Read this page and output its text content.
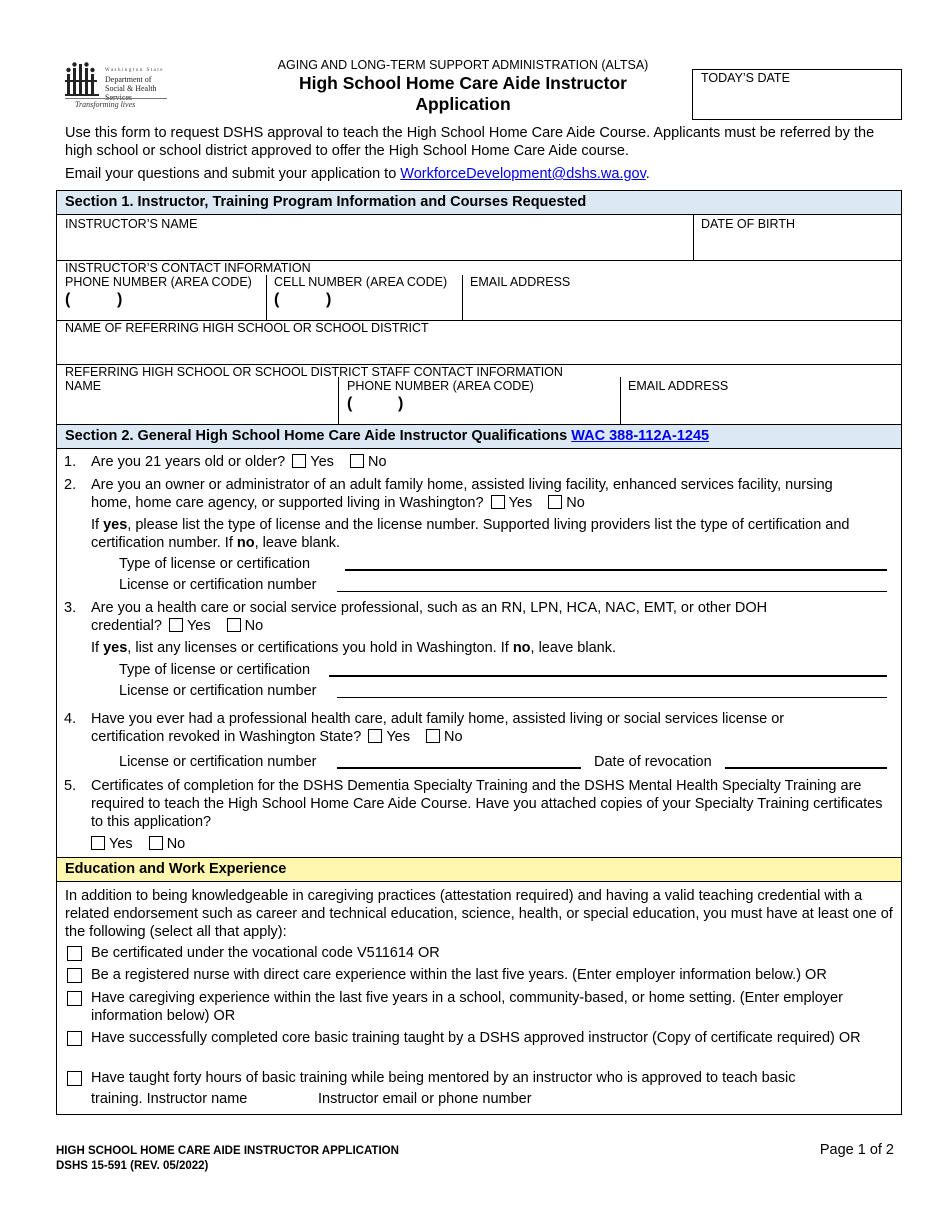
Washington State
Department of Social & Health Services
Transforming lives
AGING AND LONG-TERM SUPPORT ADMINISTRATION (ALTSA)
High School Home Care Aide Instructor
Application
TODAY’S DATE
Use this form to request DSHS approval to teach the High School Home Care Aide Course. Applicants must be referred by the high school or school district approved to offer the High School Home Care Aide course.
Email your questions and submit your application to WorkforceDevelopment@dshs.wa.gov.
Section 1. Instructor, Training Program Information and Courses Requested
INSTRUCTOR’S NAME	DATE OF BIRTH
INSTRUCTOR’S CONTACT INFORMATION
PHONE NUMBER (AREA CODE) CELL NUMBER (AREA CODE) EMAIL ADDRESS
(	)	(	)
NAME OF REFERRING HIGH SCHOOL OR SCHOOL DISTRICT
REFERRING HIGH SCHOOL OR SCHOOL DISTRICT STAFF CONTACT INFORMATION
NAME	PHONE NUMBER (AREA CODE)	EMAIL ADDRESS
(	)
Section 2. General High School Home Care Aide Instructor Qualifications WAC 388-112A-1245
1. Are you 21 years old or older? Yes No
2. Are you an owner or administrator of an adult family home, assisted living facility, enhanced services facility, nursing
home, home care agency, or supported living in Washington? Yes No
If yes, please list the type of license and the license number. Supported living providers list the type of certification and certification number. If no, leave blank.
Type of license or certification
License or certification number
3. Are you a health care or social service professional, such as an RN, LPN, HCA, NAC, EMT, or other DOH
credential? Yes No
If yes, list any licenses or certifications you hold in Washington. If no, leave blank.
Type of license or certification
License or certification number
4. Have you ever had a professional health care, adult family home, assisted living or social services license or
certification revoked in Washington State? Yes No
License or certification number	Date of revocation
5. Certificates of completion for the DSHS Dementia Specialty Training and the DSHS Mental Health Specialty Training are required to teach the High School Home Care Aide Course. Have you attached copies of your Specialty Training certificates to this application?
Yes No
Education and Work Experience
In addition to being knowledgeable in caregiving practices (attestation required) and having a valid teaching credential with a related endorsement such as career and technical education, science, health, or special education, you must have at least one of the following (select all that apply):
Be certificated under the vocational code V511614 OR
Be a registered nurse with direct care experience within the last five years. (Enter employer information below.) OR
Have caregiving experience within the last five years in a school, community-based, or home setting. (Enter employer information below) OR
Have successfully completed core basic training taught by a DSHS approved instructor (Copy of certificate required) OR
Have taught forty hours of basic training while being mentored by an instructor who is approved to teach basic
training. Instructor name	Instructor email or phone number
HIGH SCHOOL HOME CARE AIDE INSTRUCTOR APPLICATION
DSHS 15-591 (REV. 05/2022)
Page 1 of 2
